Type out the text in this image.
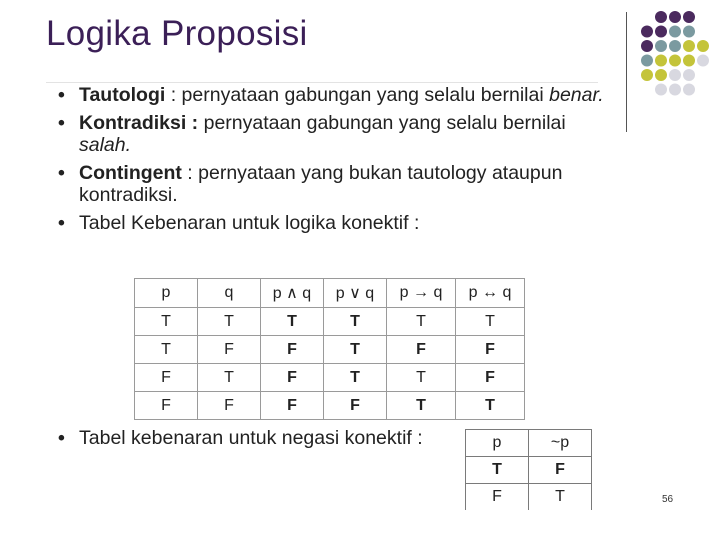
Logika Proposisi
• Tautologi : pernyataan gabungan yang selalu bernilai benar.
• Kontradiksi : pernyataan gabungan yang selalu bernilai salah.
• Contingent : pernyataan yang bukan tautology ataupun kontradiksi.
• Tabel Kebenaran untuk logika konektif :
p	q	p ∧ q	p ∨ q	p → q	p ↔ q
T	T	T	T	T	T
T	F	F	T	F	F
F	T	F	T	T	F
F	F	F	F	T	T
• Tabel kebenaran untuk negasi konektif :	p	~p
T	F
F	T	56
